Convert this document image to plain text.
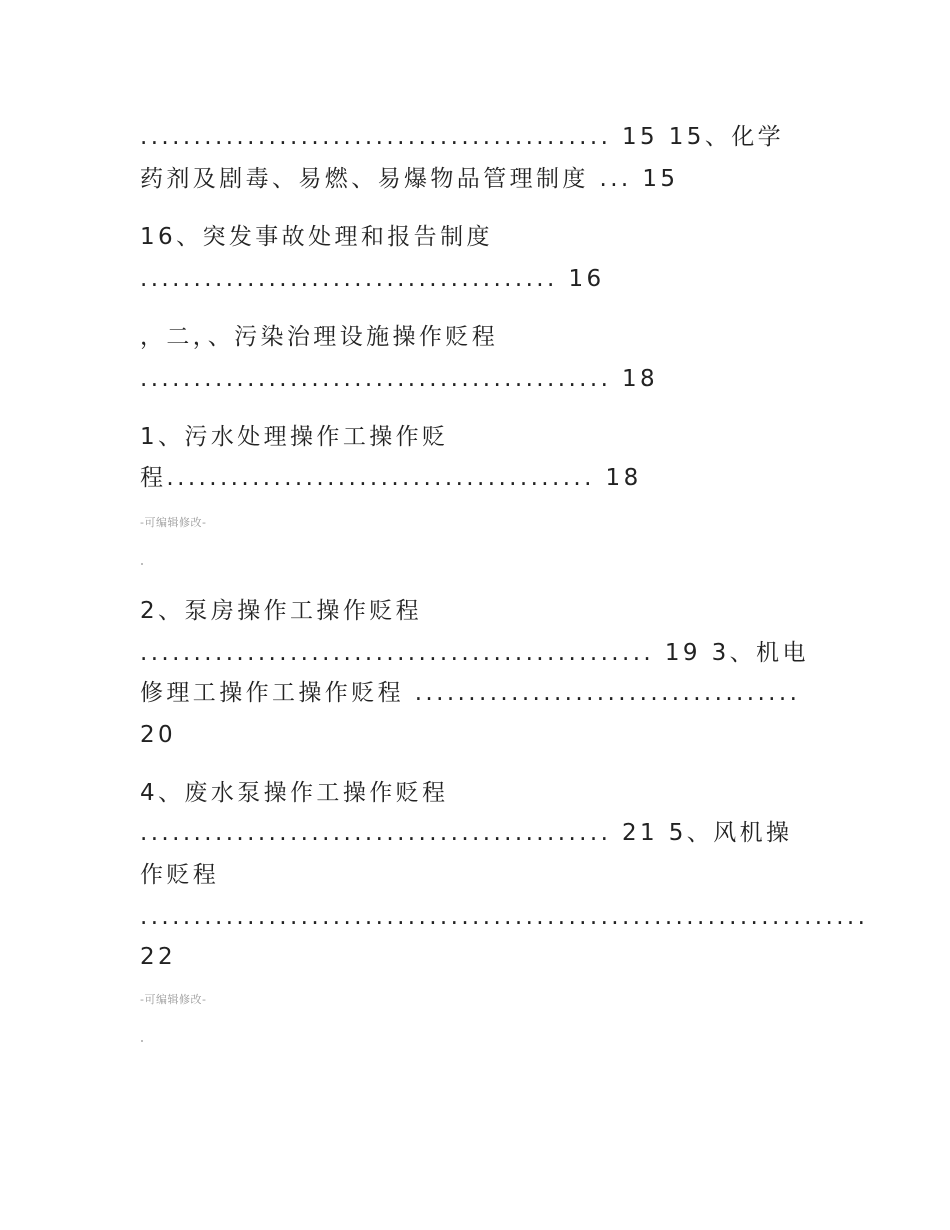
............................................ 15 15、化学
药剂及剧毒、易燃、易爆物品管理制度 ... 15
16、突发事故处理和报告制度
....................................... 16
，二，、污染治理设施操作贬程
............................................ 18
1、污水处理操作工操作贬
程........................................ 18
-可编辑修改-
2、泵房操作工操作贬程
................................................ 19 3、机电
修理工操作工操作贬程 ....................................
20
4、废水泵操作工操作贬程
............................................ 21 5、风机操
作贬程
....................................................................
22
-可编辑修改-
